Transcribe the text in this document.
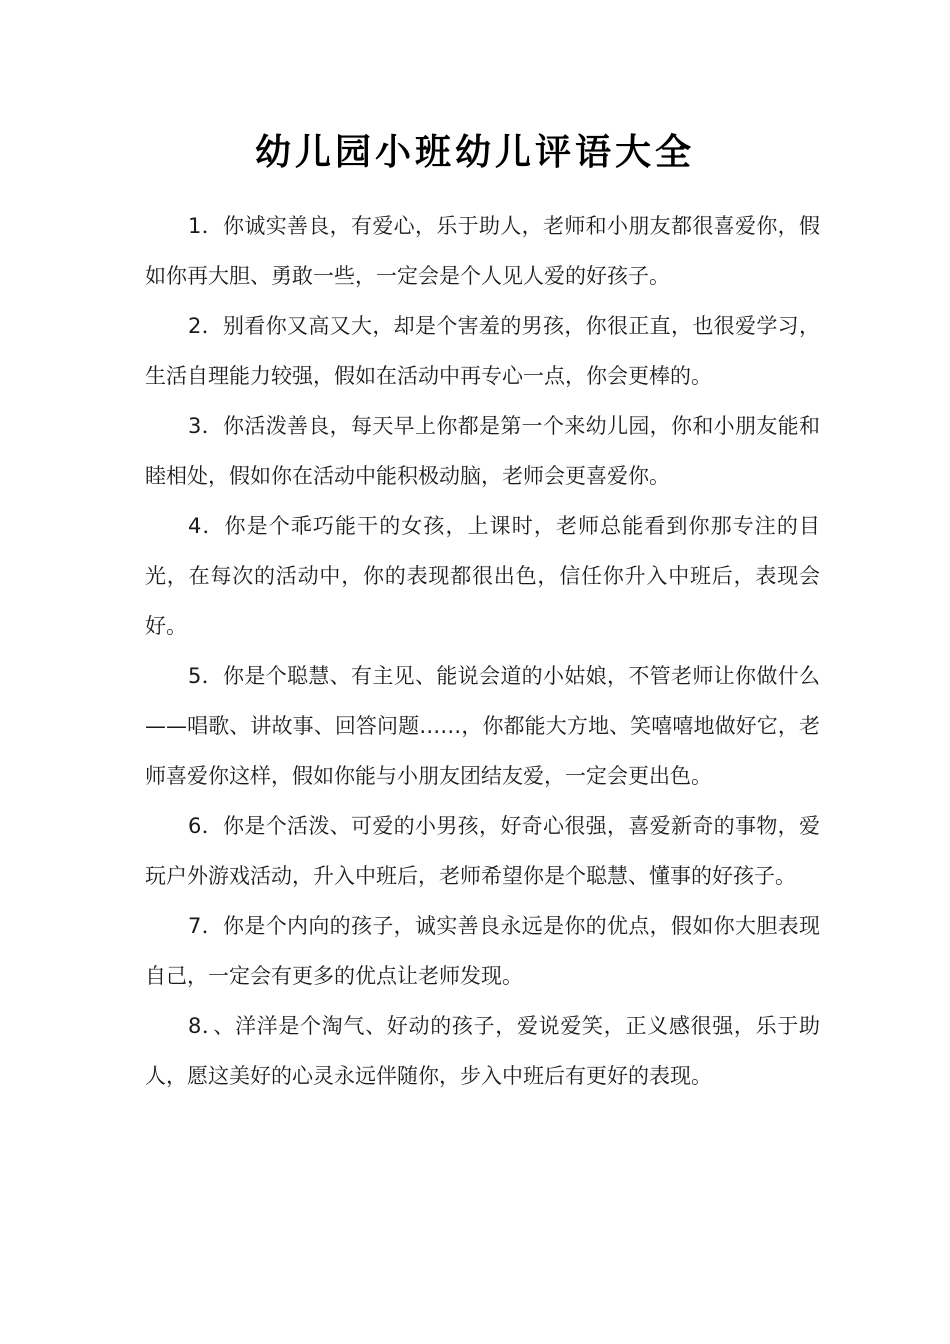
幼儿园小班幼儿评语大全

1．你诚实善良，有爱心，乐于助人，老师和小朋友都很喜爱你，假如你再大胆、勇敢一些，一定会是个人见人爱的好孩子。

2．别看你又高又大，却是个害羞的男孩，你很正直，也很爱学习，生活自理能力较强，假如在活动中再专心一点，你会更棒的。

3．你活泼善良，每天早上你都是第一个来幼儿园，你和小朋友能和睦相处，假如你在活动中能积极动脑，老师会更喜爱你。

4．你是个乖巧能干的女孩，上课时，老师总能看到你那专注的目光，在每次的活动中，你的表现都很出色，信任你升入中班后，表现会好。

5．你是个聪慧、有主见、能说会道的小姑娘，不管老师让你做什么——唱歌、讲故事、回答问题……，你都能大方地、笑嘻嘻地做好它，老师喜爱你这样，假如你能与小朋友团结友爱，一定会更出色。

6．你是个活泼、可爱的小男孩，好奇心很强，喜爱新奇的事物，爱玩户外游戏活动，升入中班后，老师希望你是个聪慧、懂事的好孩子。

7．你是个内向的孩子，诚实善良永远是你的优点，假如你大胆表现自己，一定会有更多的优点让老师发现。

8．、洋洋是个淘气、好动的孩子，爱说爱笑，正义感很强，乐于助人，愿这美好的心灵永远伴随你，步入中班后有更好的表现。
